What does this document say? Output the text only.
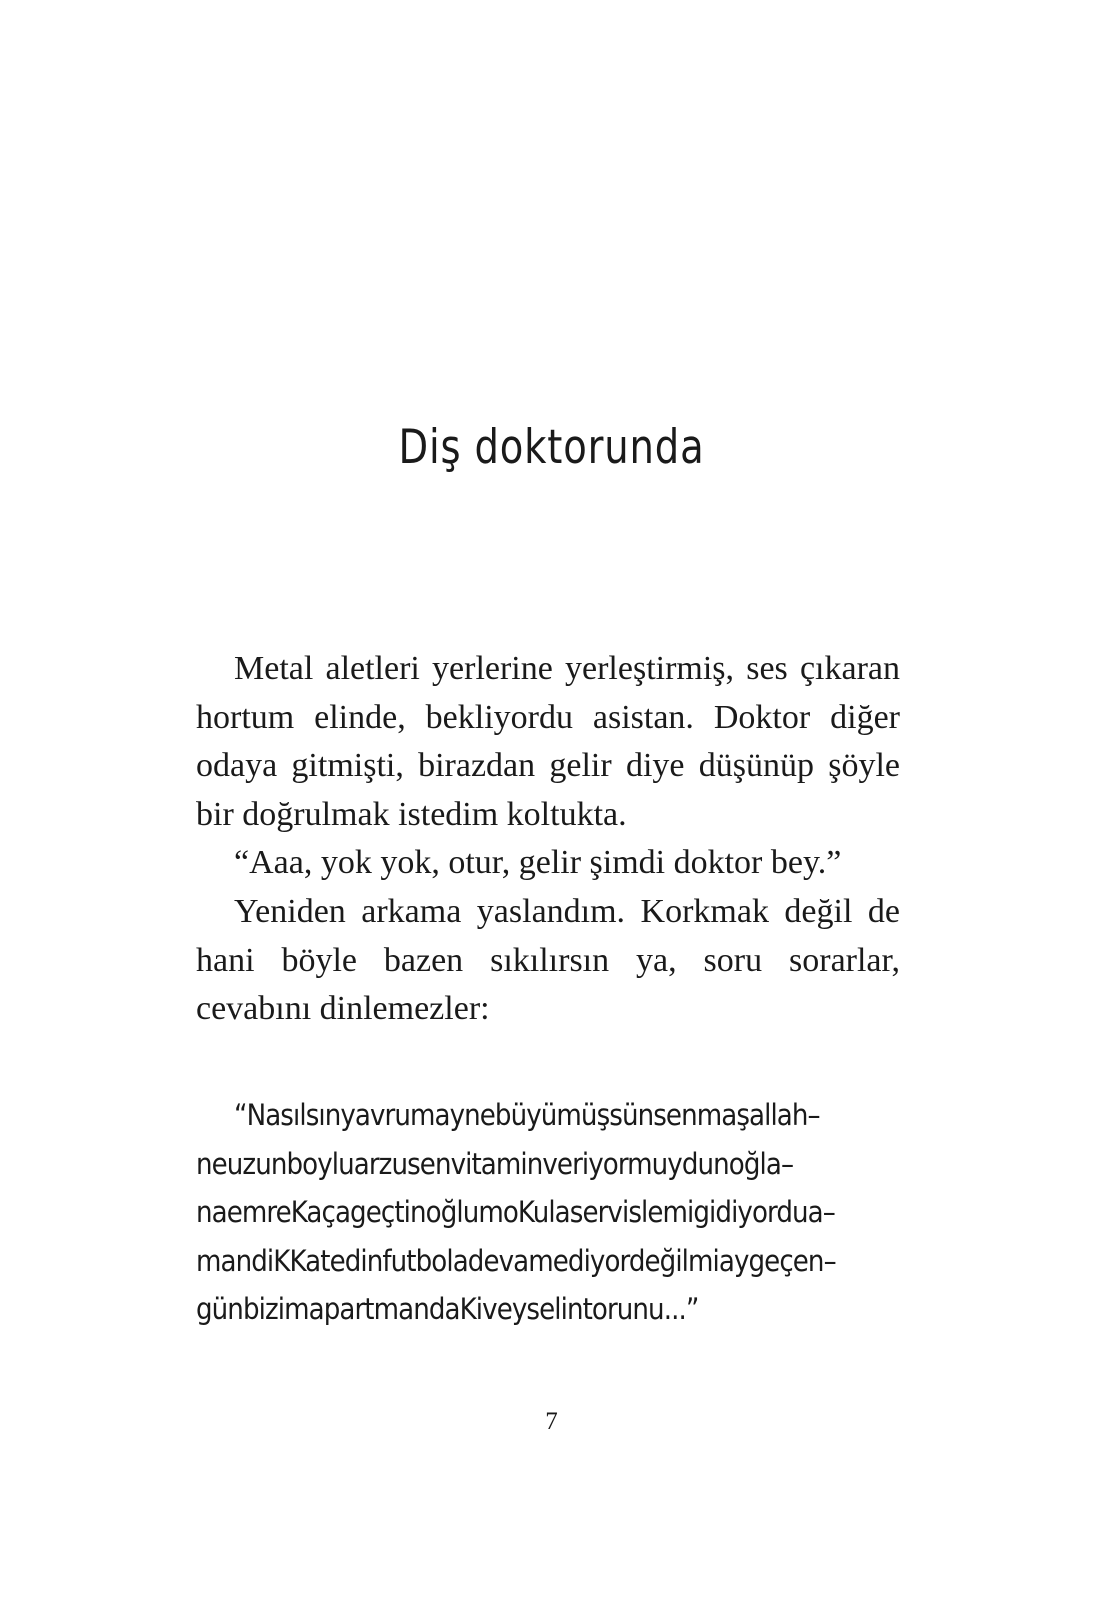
Diş doktorunda

Metal aletleri yerlerine yerleştirmiş, ses çıkaran hortum elinde, bekliyordu asistan. Doktor diğer odaya gitmişti, birazdan gelir diye düşünüp şöyle bir doğrulmak istedim koltukta.

“Aaa, yok yok, otur, gelir şimdi doktor bey.”

Yeniden arkama yaslandım. Korkmak değil de hani böyle bazen sıkılırsın ya, soru sorarlar, cevabını dinlemezler:

“Nasılsınyavrumaynebüyümüşsünsenmaşallah–
neuzunboyluarzusenvitaminveriyormuydunoğla–
naemreKaçageçtinoğlumoKulaservislemigidiyordua–
mandiKKatedinfutboladevamediyordeğilmiaygeçen–
günbizimapartmandaKiveyselintorunu...”
7
